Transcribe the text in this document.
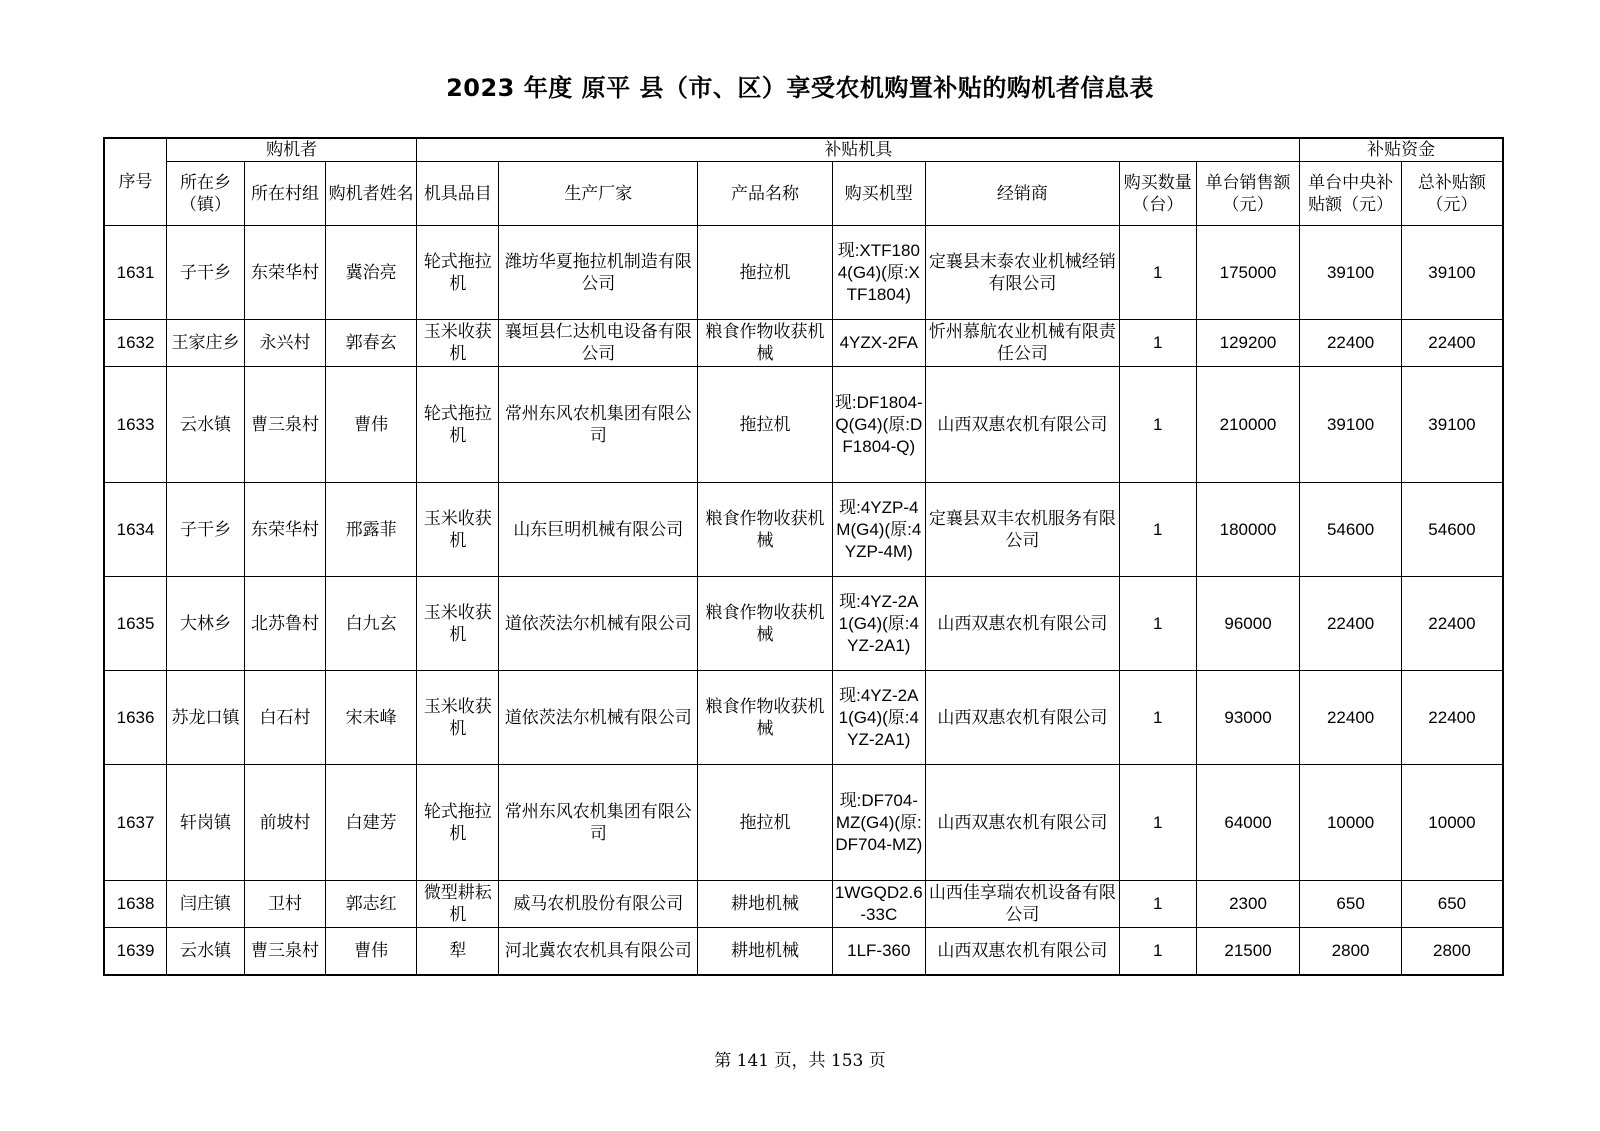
2023 年度 原平 县（市、区）享受农机购置补贴的购机者信息表
序号	购机者			补贴机具							补贴资金	
	所在乡（镇）	所在村组	购机者姓名	机具品目	生产厂家	产品名称	购买机型	经销商	购买数量（台）	单台销售额（元）	单台中央补贴额（元）	总补贴额（元）
1631	子干乡	东荣华村	冀治亮	轮式拖拉机	潍坊华夏拖拉机制造有限公司	拖拉机	现:XTF1804(G4)(原:XTF1804)	定襄县末泰农业机械经销有限公司	1	175000	39100	39100
1632	王家庄乡	永兴村	郭春玄	玉米收获机	襄垣县仁达机电设备有限公司	粮食作物收获机械	4YZX-2FA	忻州慕航农业机械有限责任公司	1	129200	22400	22400
1633	云水镇	曹三泉村	曹伟	轮式拖拉机	常州东风农机集团有限公司	拖拉机	现:DF1804-Q(G4)(原:DF1804-Q)	山西双惠农机有限公司	1	210000	39100	39100
1634	子干乡	东荣华村	邢露菲	玉米收获机	山东巨明机械有限公司	粮食作物收获机械	现:4YZP-4M(G4)(原:4YZP-4M)	定襄县双丰农机服务有限公司	1	180000	54600	54600
1635	大林乡	北苏鲁村	白九玄	玉米收获机	道依茨法尔机械有限公司	粮食作物收获机械	现:4YZ-2A1(G4)(原:4YZ-2A1)	山西双惠农机有限公司	1	96000	22400	22400
1636	苏龙口镇	白石村	宋未峰	玉米收获机	道依茨法尔机械有限公司	粮食作物收获机械	现:4YZ-2A1(G4)(原:4YZ-2A1)	山西双惠农机有限公司	1	93000	22400	22400
1637	轩岗镇	前坡村	白建芳	轮式拖拉机	常州东风农机集团有限公司	拖拉机	现:DF704-MZ(G4)(原:DF704-MZ)	山西双惠农机有限公司	1	64000	10000	10000
1638	闫庄镇	卫村	郭志红	微型耕耘机	威马农机股份有限公司	耕地机械	1WGQD2.6-33C	山西佳享瑞农机设备有限公司	1	2300	650	650
1639	云水镇	曹三泉村	曹伟	犁	河北冀农农机具有限公司	耕地机械	1LF-360	山西双惠农机有限公司	1	21500	2800	2800
第 141 页，共 153 页
